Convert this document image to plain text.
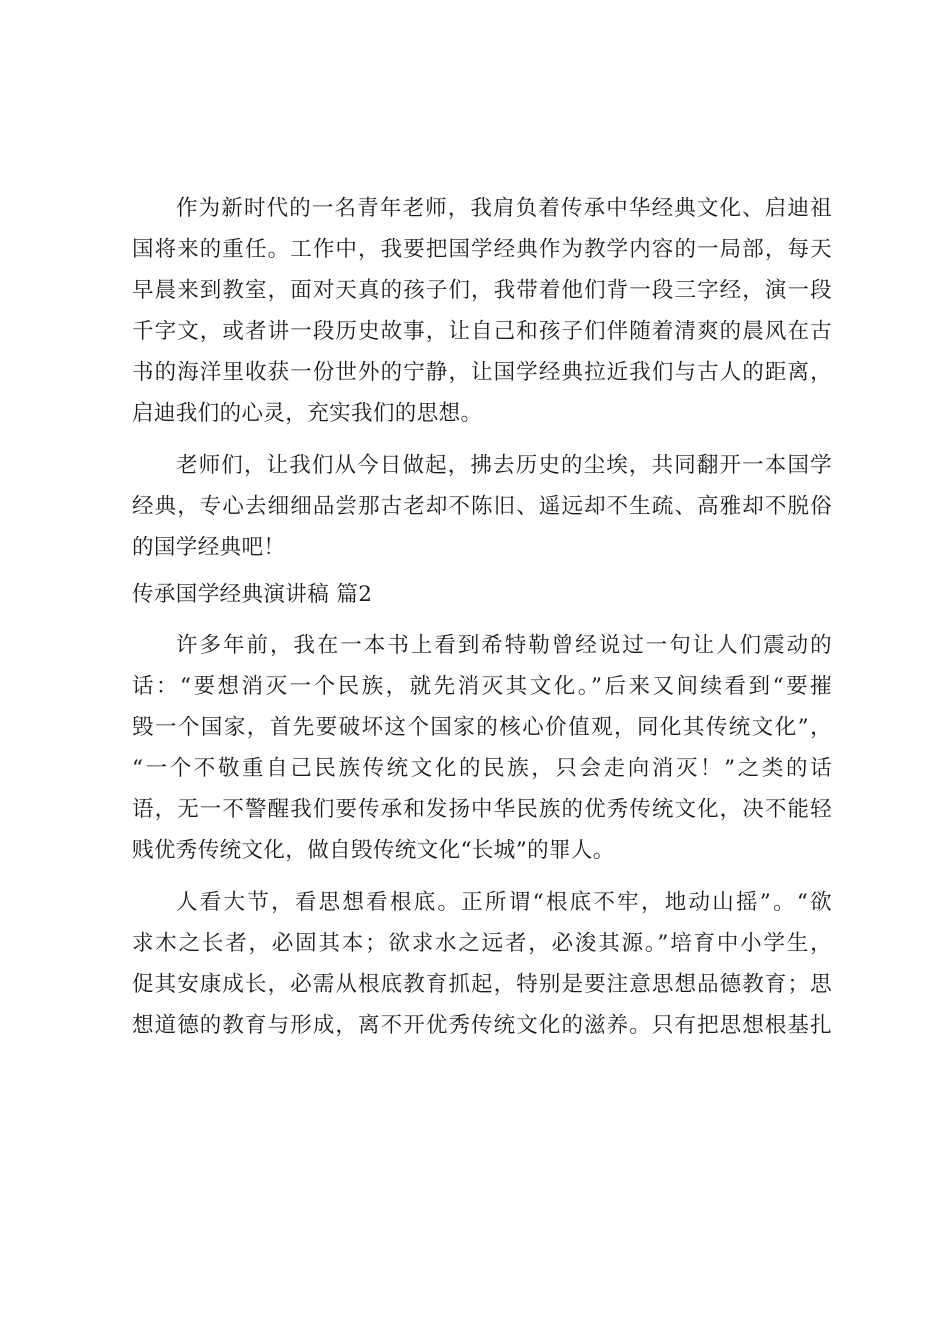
作为新时代的一名青年老师，我肩负着传承中华经典文化、启迪祖
国将来的重任。工作中，我要把国学经典作为教学内容的一局部，每天
早晨来到教室，面对天真的孩子们，我带着他们背一段三字经，演一段
千字文，或者讲一段历史故事，让自己和孩子们伴随着清爽的晨风在古
书的海洋里收获一份世外的宁静，让国学经典拉近我们与古人的距离，
启迪我们的心灵，充实我们的思想。
老师们，让我们从今日做起，拂去历史的尘埃，共同翻开一本国学
经典，专心去细细品尝那古老却不陈旧、遥远却不生疏、高雅却不脱俗
的国学经典吧！
传承国学经典演讲稿 篇2
许多年前，我在一本书上看到希特勒曾经说过一句让人们震动的
话：“要想消灭一个民族，就先消灭其文化。”后来又间续看到“要摧
毁一个国家，首先要破坏这个国家的核心价值观，同化其传统文化”，
“一个不敬重自己民族传统文化的民族，只会走向消灭！”之类的话
语，无一不警醒我们要传承和发扬中华民族的优秀传统文化，决不能轻
贱优秀传统文化，做自毁传统文化“长城”的罪人。
人看大节，看思想看根底。正所谓“根底不牢，地动山摇”。“欲
求木之长者，必固其本；欲求水之远者，必浚其源。”培育中小学生，
促其安康成长，必需从根底教育抓起，特别是要注意思想品德教育；思
想道德的教育与形成，离不开优秀传统文化的滋养。只有把思想根基扎
